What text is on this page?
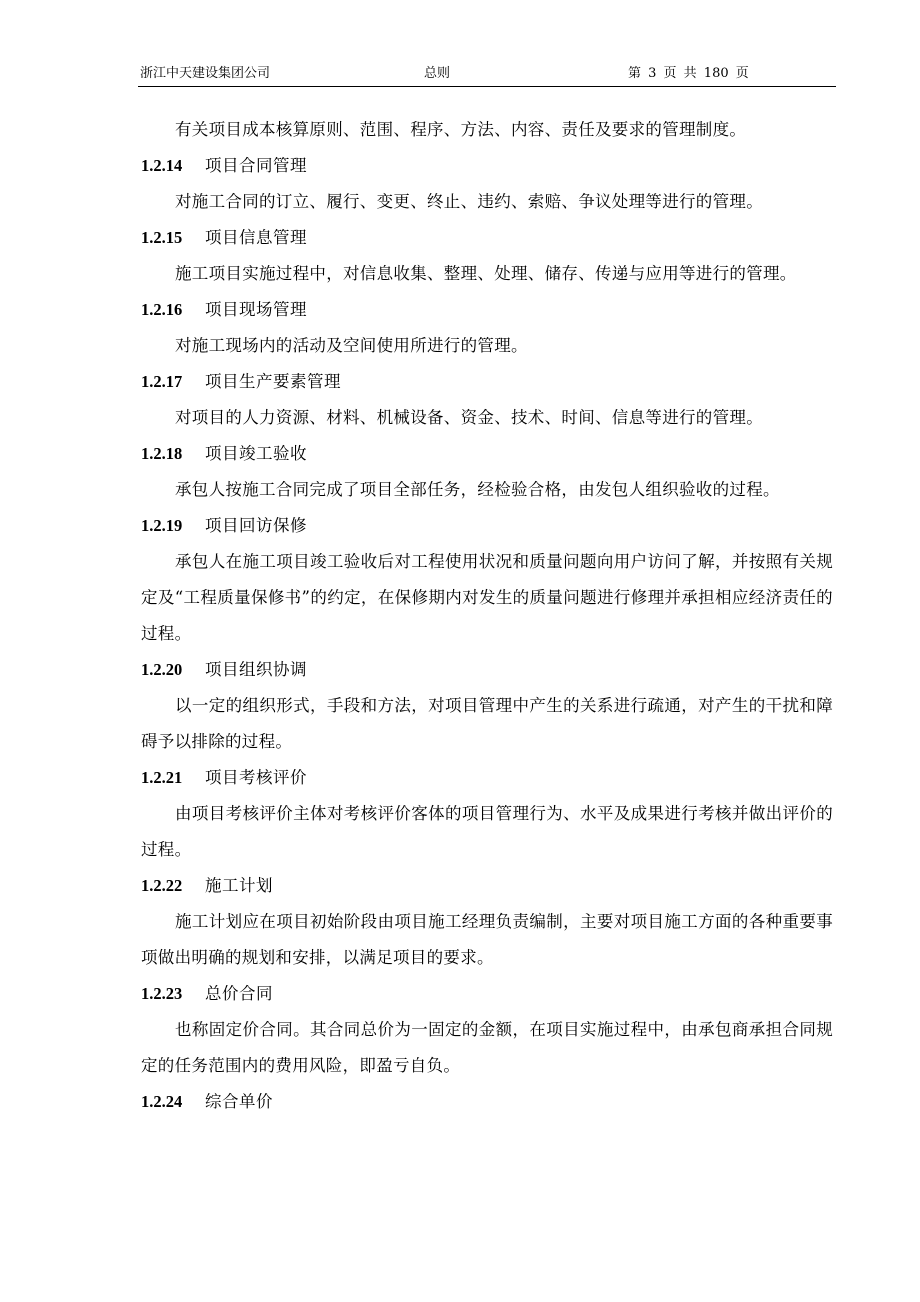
浙江中天建设集团公司	总则	第 3 页 共 180 页

有关项目成本核算原则、范围、程序、方法、内容、责任及要求的管理制度。

1.2.14 项目合同管理

对施工合同的订立、履行、变更、终止、违约、索赔、争议处理等进行的管理。

1.2.15 项目信息管理

施工项目实施过程中，对信息收集、整理、处理、储存、传递与应用等进行的管理。

1.2.16 项目现场管理

对施工现场内的活动及空间使用所进行的管理。

1.2.17 项目生产要素管理

对项目的人力资源、材料、机械设备、资金、技术、时间、信息等进行的管理。

1.2.18 项目竣工验收

承包人按施工合同完成了项目全部任务，经检验合格，由发包人组织验收的过程。

1.2.19 项目回访保修

承包人在施工项目竣工验收后对工程使用状况和质量问题向用户访问了解，并按照有关规定及“工程质量保修书”的约定，在保修期内对发生的质量问题进行修理并承担相应经济责任的过程。

1.2.20 项目组织协调

以一定的组织形式，手段和方法，对项目管理中产生的关系进行疏通，对产生的干扰和障碍予以排除的过程。

1.2.21 项目考核评价

由项目考核评价主体对考核评价客体的项目管理行为、水平及成果进行考核并做出评价的过程。

1.2.22 施工计划

施工计划应在项目初始阶段由项目施工经理负责编制，主要对项目施工方面的各种重要事项做出明确的规划和安排，以满足项目的要求。

1.2.23 总价合同

也称固定价合同。其合同总价为一固定的金额，在项目实施过程中，由承包商承担合同规定的任务范围内的费用风险，即盈亏自负。

1.2.24 综合单价
